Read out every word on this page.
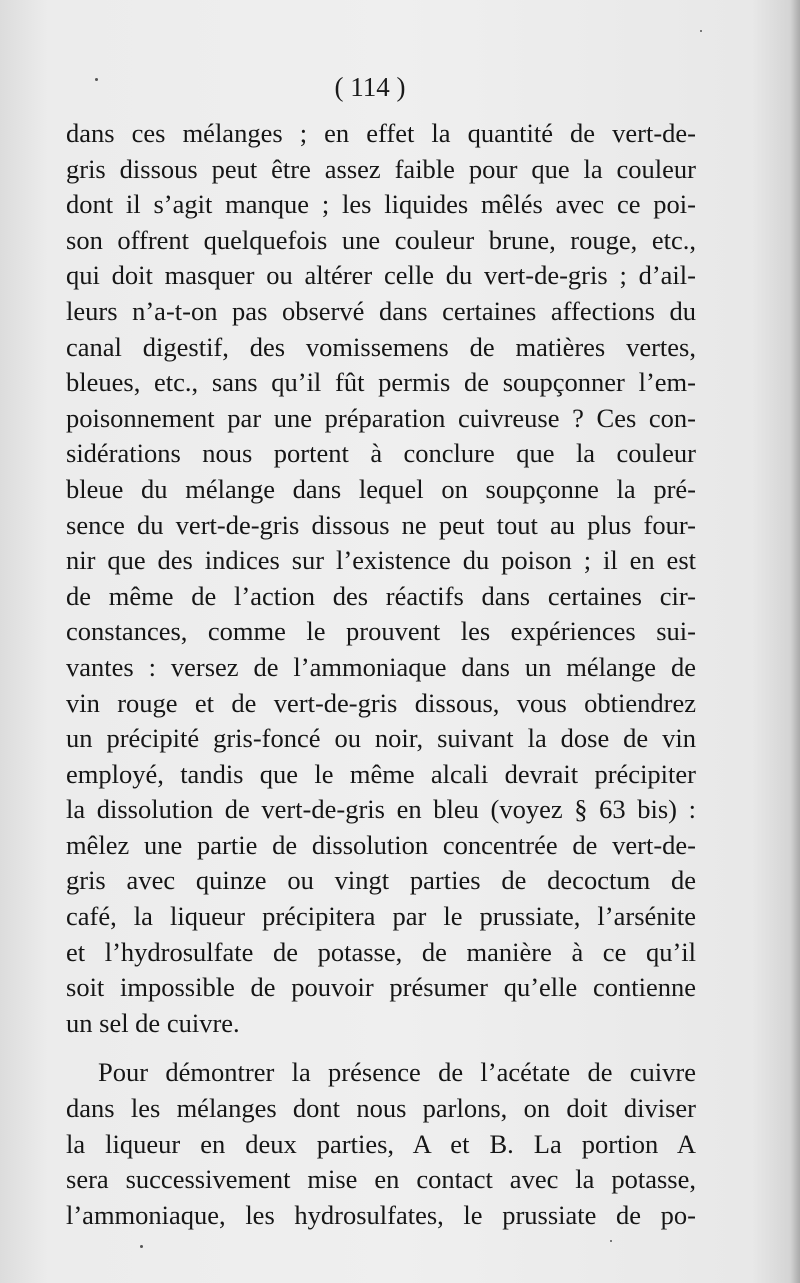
( 114 )
dans ces mélanges ; en effet la quantité de vert-de-
gris dissous peut être assez faible pour que la couleur
dont il s’agit manque ; les liquides mêlés avec ce poi-
son offrent quelquefois une couleur brune, rouge, etc.,
qui doit masquer ou altérer celle du vert-de-gris ; d’ail-
leurs n’a-t-on pas observé dans certaines affections du
canal digestif, des vomissemens de matières vertes,
bleues, etc., sans qu’il fût permis de soupçonner l’em-
poisonnement par une préparation cuivreuse ? Ces con-
sidérations nous portent à conclure que la couleur
bleue du mélange dans lequel on soupçonne la pré-
sence du vert-de-gris dissous ne peut tout au plus four-
nir que des indices sur l’existence du poison ; il en est
de même de l’action des réactifs dans certaines cir-
constances, comme le prouvent les expériences sui-
vantes : versez de l’ammoniaque dans un mélange de
vin rouge et de vert-de-gris dissous, vous obtiendrez
un précipité gris-foncé ou noir, suivant la dose de vin
employé, tandis que le même alcali devrait précipiter
la dissolution de vert-de-gris en bleu (voyez § 63 bis) :
mêlez une partie de dissolution concentrée de vert-de-
gris avec quinze ou vingt parties de decoctum de
café, la liqueur précipitera par le prussiate, l’arsénite
et l’hydrosulfate de potasse, de manière à ce qu’il
soit impossible de pouvoir présumer qu’elle contienne
un sel de cuivre.
Pour démontrer la présence de l’acétate de cuivre
dans les mélanges dont nous parlons, on doit diviser
la liqueur en deux parties, A et B. La portion A
sera successivement mise en contact avec la potasse,
l’ammoniaque, les hydrosulfates, le prussiate de po-
